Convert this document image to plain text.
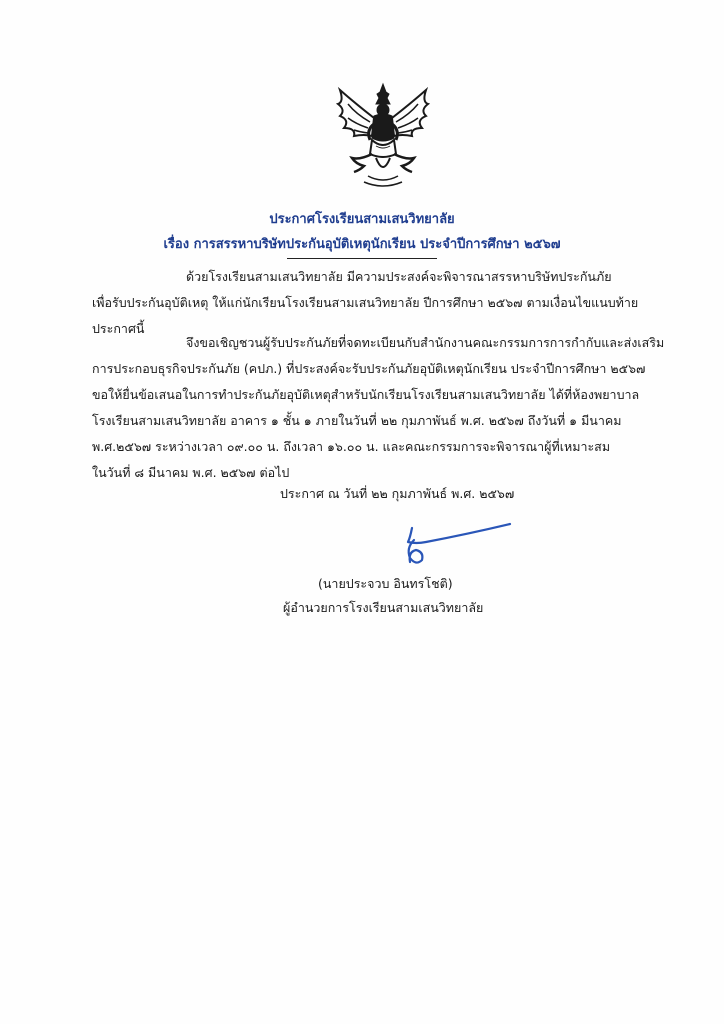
ประกาศโรงเรียนสามเสนวิทยาลัย
เรื่อง การสรรหาบริษัทประกันอุบัติเหตุนักเรียน ประจำปีการศึกษา ๒๕๖๗
ด้วยโรงเรียนสามเสนวิทยาลัย มีความประสงค์จะพิจารณาสรรหาบริษัทประกันภัย
เพื่อรับประกันอุบัติเหตุ ให้แก่นักเรียนโรงเรียนสามเสนวิทยาลัย ปีการศึกษา ๒๕๖๗ ตามเงื่อนไขแนบท้าย
ประกาศนี้
จึงขอเชิญชวนผู้รับประกันภัยที่จดทะเบียนกับสำนักงานคณะกรรมการการกำกับและส่งเสริม
การประกอบธุรกิจประกันภัย (คปภ.) ที่ประสงค์จะรับประกันภัยอุบัติเหตุนักเรียน ประจำปีการศึกษา ๒๕๖๗
ขอให้ยื่นข้อเสนอในการทำประกันภัยอุบัติเหตุสำหรับนักเรียนโรงเรียนสามเสนวิทยาลัย ได้ที่ห้องพยาบาล
โรงเรียนสามเสนวิทยาลัย อาคาร ๑ ชั้น ๑ ภายในวันที่ ๒๒ กุมภาพันธ์ พ.ศ. ๒๕๖๗ ถึงวันที่ ๑ มีนาคม
พ.ศ.๒๕๖๗ ระหว่างเวลา ๐๙.๐๐ น. ถึงเวลา ๑๖.๐๐ น. และคณะกรรมการจะพิจารณาผู้ที่เหมาะสม
ในวันที่ ๘ มีนาคม พ.ศ. ๒๕๖๗ ต่อไป
ประกาศ ณ วันที่ ๒๒ กุมภาพันธ์ พ.ศ. ๒๕๖๗
(นายประจวบ อินทรโชติ)
ผู้อำนวยการโรงเรียนสามเสนวิทยาลัย
